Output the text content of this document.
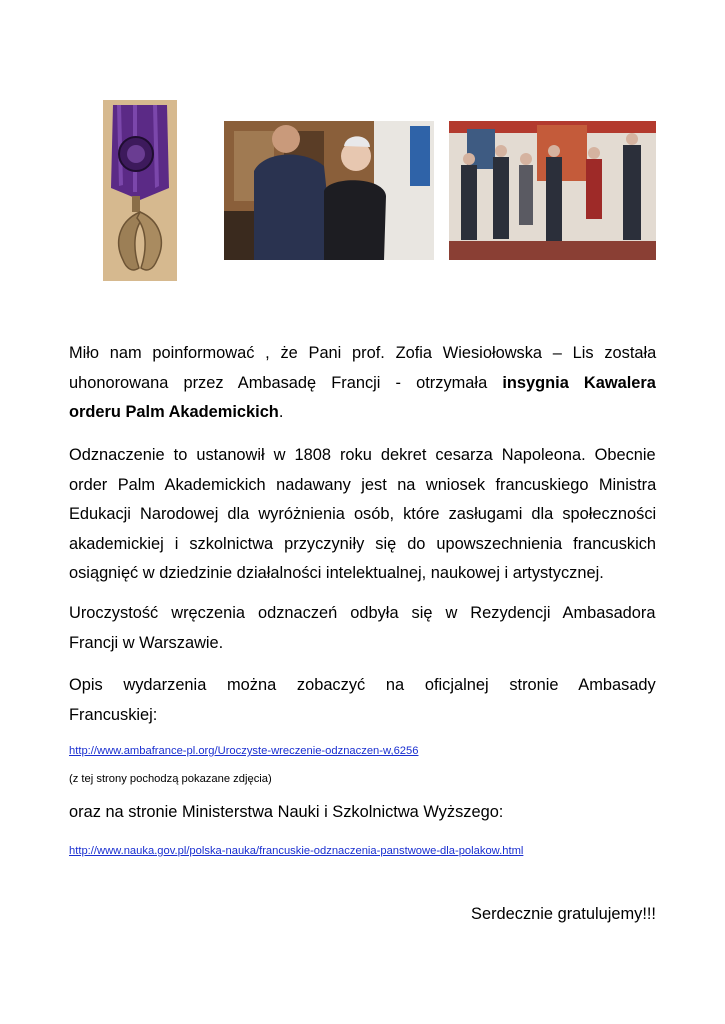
Miło nam poinformować , że Pani prof. Zofia Wiesiołowska – Lis została
uhonorowana przez Ambasadę Francji - otrzymała insygnia Kawalera
orderu Palm Akademickich.
Odznaczenie to ustanowił w 1808 roku dekret cesarza Napoleona. Obecnie
order Palm Akademickich nadawany jest na wniosek francuskiego Ministra
Edukacji Narodowej dla wyróżnienia osób, które zasługami dla społeczności
akademickiej i szkolnictwa przyczyniły się do upowszechnienia francuskich
osiągnięć w dziedzinie działalności intelektualnej, naukowej i artystycznej.
Uroczystość wręczenia odznaczeń odbyła się w Rezydencji Ambasadora
Francji w Warszawie.
Opis wydarzenia można zobaczyć na oficjalnej stronie Ambasady
Francuskiej:
http://www.ambafrance-pl.org/Uroczyste-wreczenie-odznaczen-w,6256
(z tej strony pochodzą pokazane zdjęcia)
oraz na stronie Ministerstwa Nauki i Szkolnictwa Wyższego:
http://www.nauka.gov.pl/polska-nauka/francuskie-odznaczenia-panstwowe-dla-polakow.html
Serdecznie gratulujemy!!!
